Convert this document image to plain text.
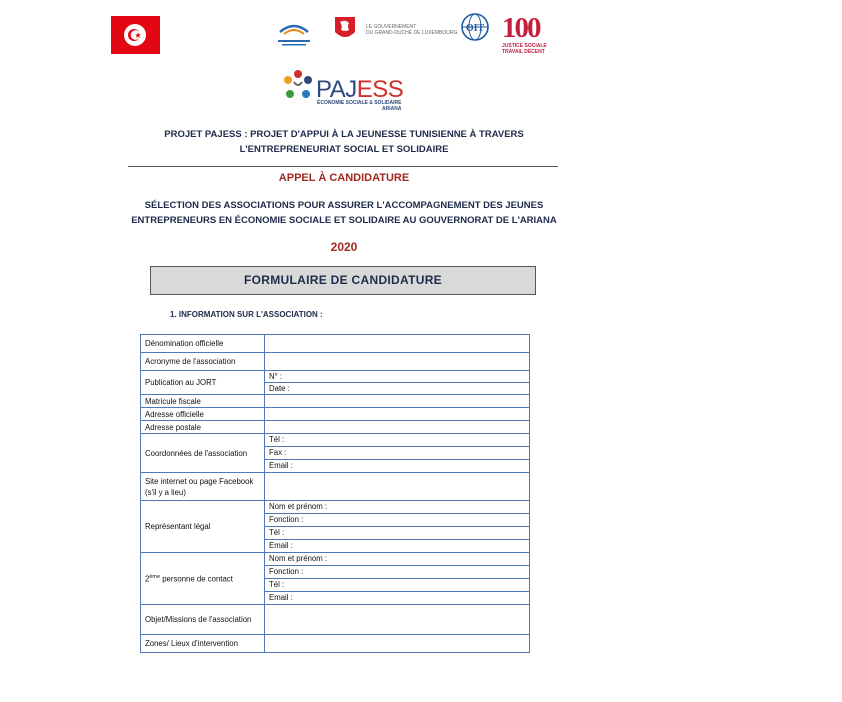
LE GOUVERNEMENT
DU GRAND-DUCHÉ DE LUXEMBOURG OIT 100
JUSTICE SOCIALE
TRAVAIL DÉCENT
PAJESS
ÉCONOMIE SOCIALE & SOLIDAIRE
ARIANA
PROJET PAJESS : PROJET D'APPUI À LA JEUNESSE TUNISIENNE À TRAVERS
L'ENTREPRENEURIAT SOCIAL ET SOLIDAIRE
APPEL À CANDIDATURE
SÉLECTION DES ASSOCIATIONS POUR ASSURER L'ACCOMPAGNEMENT DES JEUNES
ENTREPRENEURS EN ÉCONOMIE SOCIALE ET SOLIDAIRE AU GOUVERNORAT DE L'ARIANA
2020
FORMULAIRE DE CANDIDATURE
1. INFORMATION SUR L'ASSOCIATION :
Dénomination officielle	
Acronyme de l'association	
Publication au JORT	N° :
Date :

Matricule fiscale	
Adresse officielle	
Adresse postale	
Coordonnées de l'association	Tél :
Fax :
Email :

Site internet ou page Facebook (s'il y a lieu)	
Représentant légal	Nom et prénom :
Fonction :
Tél :
Email :

2ème personne de contact	Nom et prénom :
Fonction :
Tél :
Email :

Objet/Missions de l'association	
Zones/ Lieux d'intervention	
